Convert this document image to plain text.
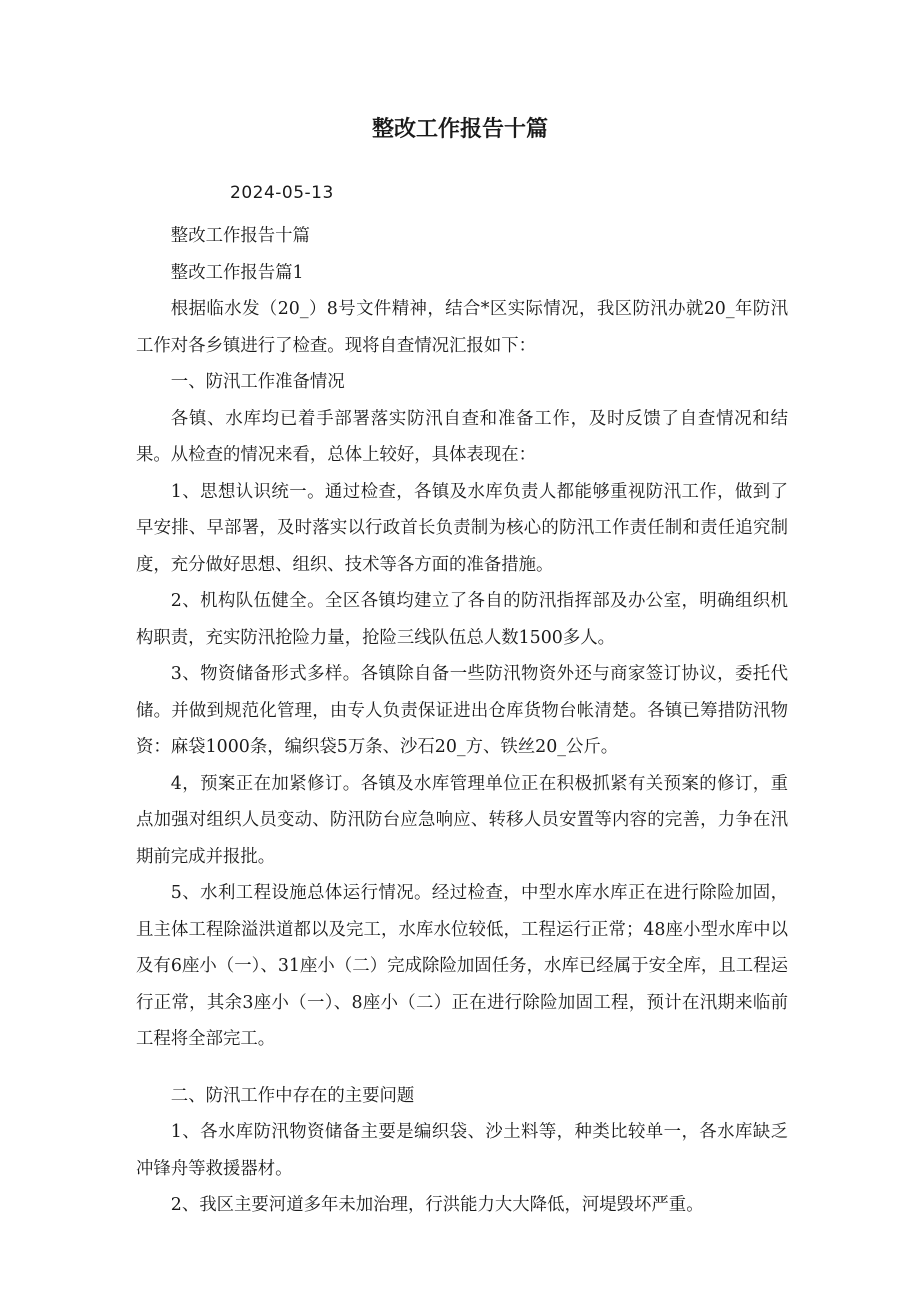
整改工作报告十篇
2024-05-13

整改工作报告十篇

整改工作报告篇1

根据临水发（20_）8号文件精神，结合*区实际情况，我区防汛办就20_年防汛工作对各乡镇进行了检查。现将自查情况汇报如下：

一、防汛工作准备情况

各镇、水库均已着手部署落实防汛自查和准备工作，及时反馈了自查情况和结果。从检查的情况来看，总体上较好，具体表现在：

1、思想认识统一。通过检查，各镇及水库负责人都能够重视防汛工作，做到了早安排、早部署，及时落实以行政首长负责制为核心的防汛工作责任制和责任追究制度，充分做好思想、组织、技术等各方面的准备措施。

2、机构队伍健全。全区各镇均建立了各自的防汛指挥部及办公室，明确组织机构职责，充实防汛抢险力量，抢险三线队伍总人数1500多人。

3、物资储备形式多样。各镇除自备一些防汛物资外还与商家签订协议，委托代储。并做到规范化管理，由专人负责保证进出仓库货物台帐清楚。各镇已筹措防汛物资：麻袋1000条，编织袋5万条、沙石20_方、铁丝20_公斤。

4，预案正在加紧修订。各镇及水库管理单位正在积极抓紧有关预案的修订，重点加强对组织人员变动、防汛防台应急响应、转移人员安置等内容的完善，力争在汛期前完成并报批。

5、水利工程设施总体运行情况。经过检查，中型水库水库正在进行除险加固，且主体工程除溢洪道都以及完工，水库水位较低，工程运行正常；48座小型水库中以及有6座小（一）、31座小（二）完成除险加固任务，水库已经属于安全库，且工程运行正常，其余3座小（一）、8座小（二）正在进行除险加固工程，预计在汛期来临前工程将全部完工。

二、防汛工作中存在的主要问题

1、各水库防汛物资储备主要是编织袋、沙土料等，种类比较单一，各水库缺乏冲锋舟等救援器材。

2、我区主要河道多年未加治理，行洪能力大大降低，河堤毁坏严重。
